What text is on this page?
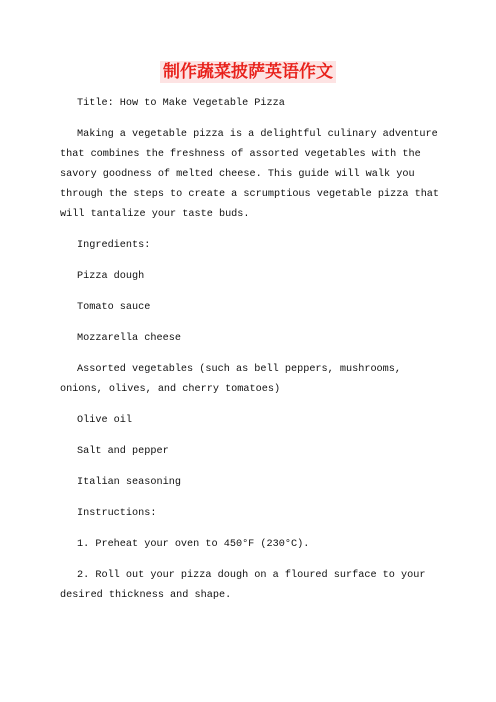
制作蔬菜披萨英语作文

Title: How to Make Vegetable Pizza

Making a vegetable pizza is a delightful culinary adventure that combines the freshness of assorted vegetables with the savory goodness of melted cheese. This guide will walk you through the steps to create a scrumptious vegetable pizza that will tantalize your taste buds.

Ingredients:

Pizza dough

Tomato sauce

Mozzarella cheese

Assorted vegetables (such as bell peppers, mushrooms, onions, olives, and cherry tomatoes)

Olive oil

Salt and pepper

Italian seasoning

Instructions:

1. Preheat your oven to 450°F (230°C).

2. Roll out your pizza dough on a floured surface to your desired thickness and shape.
